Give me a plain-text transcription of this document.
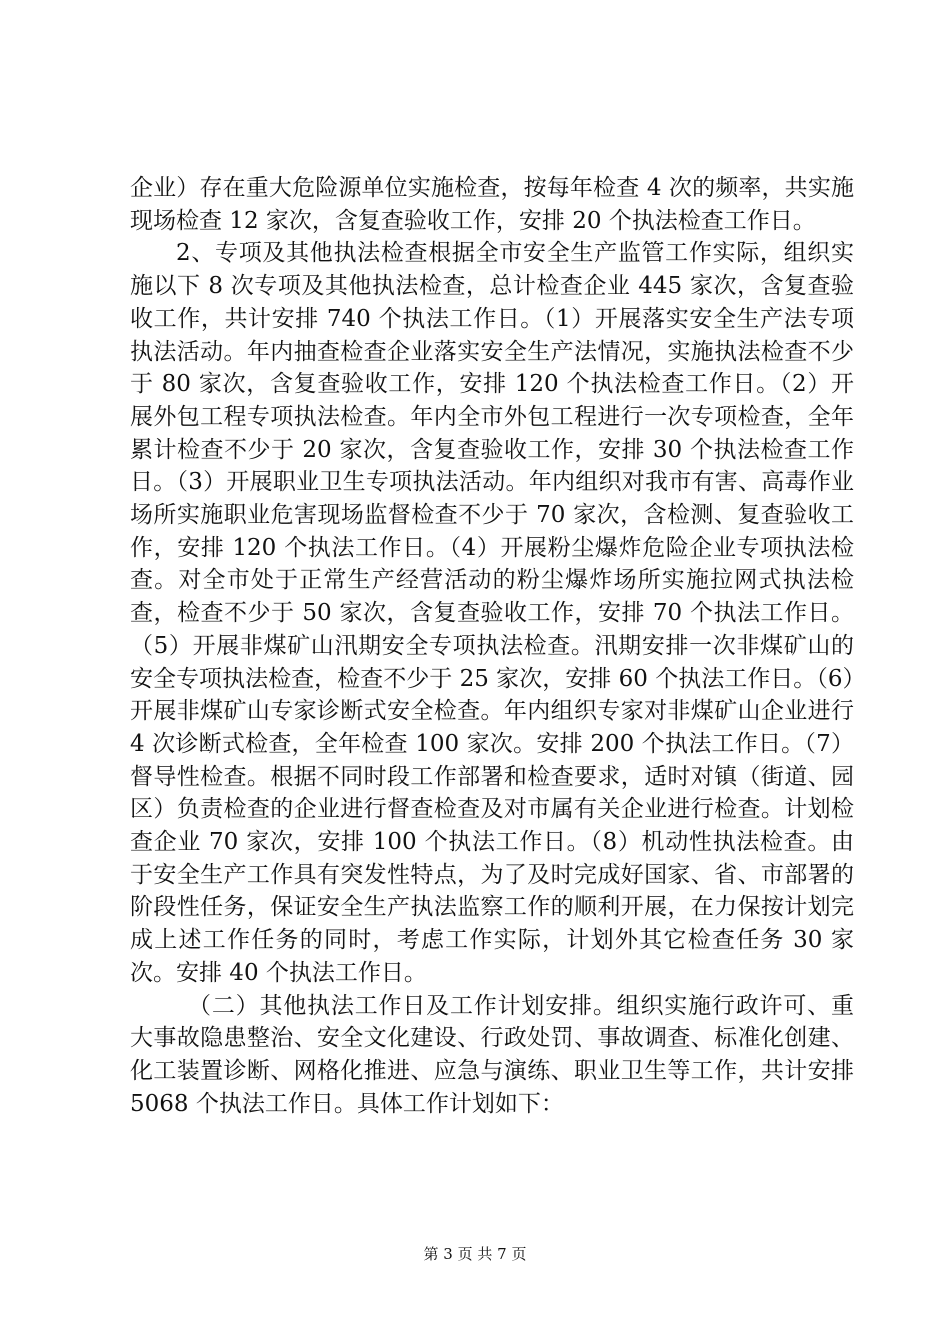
企业）存在重大危险源单位实施检查，按每年检查 4 次的频率，共实施现场检查 12 家次，含复查验收工作，安排 20 个执法检查工作日。

2、专项及其他执法检查根据全市安全生产监管工作实际，组织实施以下 8 次专项及其他执法检查，总计检查企业 445 家次，含复查验收工作，共计安排 740 个执法工作日。（1）开展落实安全生产法专项执法活动。年内抽查检查企业落实安全生产法情况，实施执法检查不少于 80 家次，含复查验收工作，安排 120 个执法检查工作日。（2）开展外包工程专项执法检查。年内全市外包工程进行一次专项检查，全年累计检查不少于 20 家次，含复查验收工作，安排 30 个执法检查工作日。（3）开展职业卫生专项执法活动。年内组织对我市有害、高毒作业场所实施职业危害现场监督检查不少于 70 家次，含检测、复查验收工作，安排 120 个执法工作日。（4）开展粉尘爆炸危险企业专项执法检查。对全市处于正常生产经营活动的粉尘爆炸场所实施拉网式执法检查，检查不少于 50 家次，含复查验收工作，安排 70 个执法工作日。（5）开展非煤矿山汛期安全专项执法检查。汛期安排一次非煤矿山的安全专项执法检查，检查不少于 25 家次，安排 60 个执法工作日。（6）开展非煤矿山专家诊断式安全检查。年内组织专家对非煤矿山企业进行 4 次诊断式检查，全年检查 100 家次。安排 200 个执法工作日。（7）督导性检查。根据不同时段工作部署和检查要求，适时对镇（街道、园区）负责检查的企业进行督查检查及对市属有关企业进行检查。计划检查企业 70 家次，安排 100 个执法工作日。（8）机动性执法检查。由于安全生产工作具有突发性特点，为了及时完成好国家、省、市部署的阶段性任务，保证安全生产执法监察工作的顺利开展，在力保按计划完成上述工作任务的同时，考虑工作实际，计划外其它检查任务 30 家次。安排 40 个执法工作日。

（二）其他执法工作日及工作计划安排。组织实施行政许可、重大事故隐患整治、安全文化建设、行政处罚、事故调查、标准化创建、化工装置诊断、网格化推进、应急与演练、职业卫生等工作，共计安排 5068 个执法工作日。具体工作计划如下：

第 3 页 共 7 页
